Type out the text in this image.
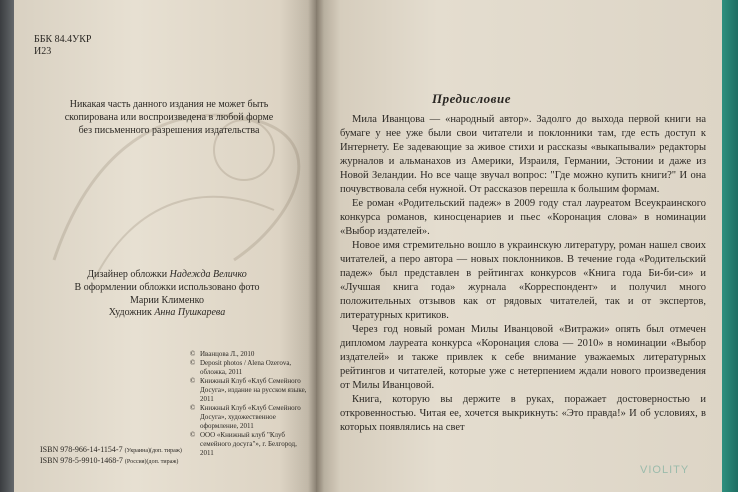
ББК 84.4УКР
И23
Никакая часть данного издания не может быть
скопирована или воспроизведена в любой форме
без письменного разрешения издательства
Дизайнер обложки Надежда Величко
В оформлении обложки использовано фото
Марии Клименко
Художник Анна Пушкарева
© Иванцова Л., 2010
© Deposit photos / Alena Ozerova, обложка, 2011
© Книжный Клуб «Клуб Семейного Досуга», издание на русском языке, 2011
© Книжный Клуб «Клуб Семейного Досуга», художественное оформление, 2011
© ООО «Книжный клуб "Клуб семейного досуга"», г. Белгород, 2011
ISBN 978-966-14-1154-7 (Украина)(доп. тираж)
ISBN 978-5-9910-1468-7 (Россия)(доп. тираж)
Предисловие

Мила Иванцова — «народный автор». Задолго до выхода первой книги на бумаге у нее уже были свои читатели и поклонники там, где есть доступ к Интернету. Ее задевающие за живое стихи и рассказы «выкапывали» редакторы журналов и альманахов из Америки, Израиля, Германии, Эстонии и даже из Новой Зеландии. Но все чаще звучал вопрос: "Где можно купить книги?" И она почувствовала себя нужной. От рассказов перешла к большим формам.

Ее роман «Родительский падеж» в 2009 году стал лауреатом Всеукраинского конкурса романов, киносценариев и пьес «Коронация слова» в номинации «Выбор издателей».

Новое имя стремительно вошло в украинскую литературу, роман нашел своих читателей, а перо автора — новых поклонников. В течение года «Родительский падеж» был представлен в рейтингах конкурсов «Книга года Би-би-си» и «Лучшая книга года» журнала «Корреспондент» и получил много положительных отзывов как от рядовых читателей, так и от экспертов, литературных критиков.

Через год новый роман Милы Иванцовой «Витражи» опять был отмечен дипломом лауреата конкурса «Коронация слова — 2010» в номинации «Выбор издателей» и также привлек к себе внимание уважаемых литературных рейтингов и читателей, которые уже с нетерпением ждали нового произведения от Милы Иванцовой.

Книга, которую вы держите в руках, поражает достоверностью и откровенностью. Читая ее, хочется выкрикнуть: «Это правда!» И об условиях, в которых появлялись на свет

VIOLITY
